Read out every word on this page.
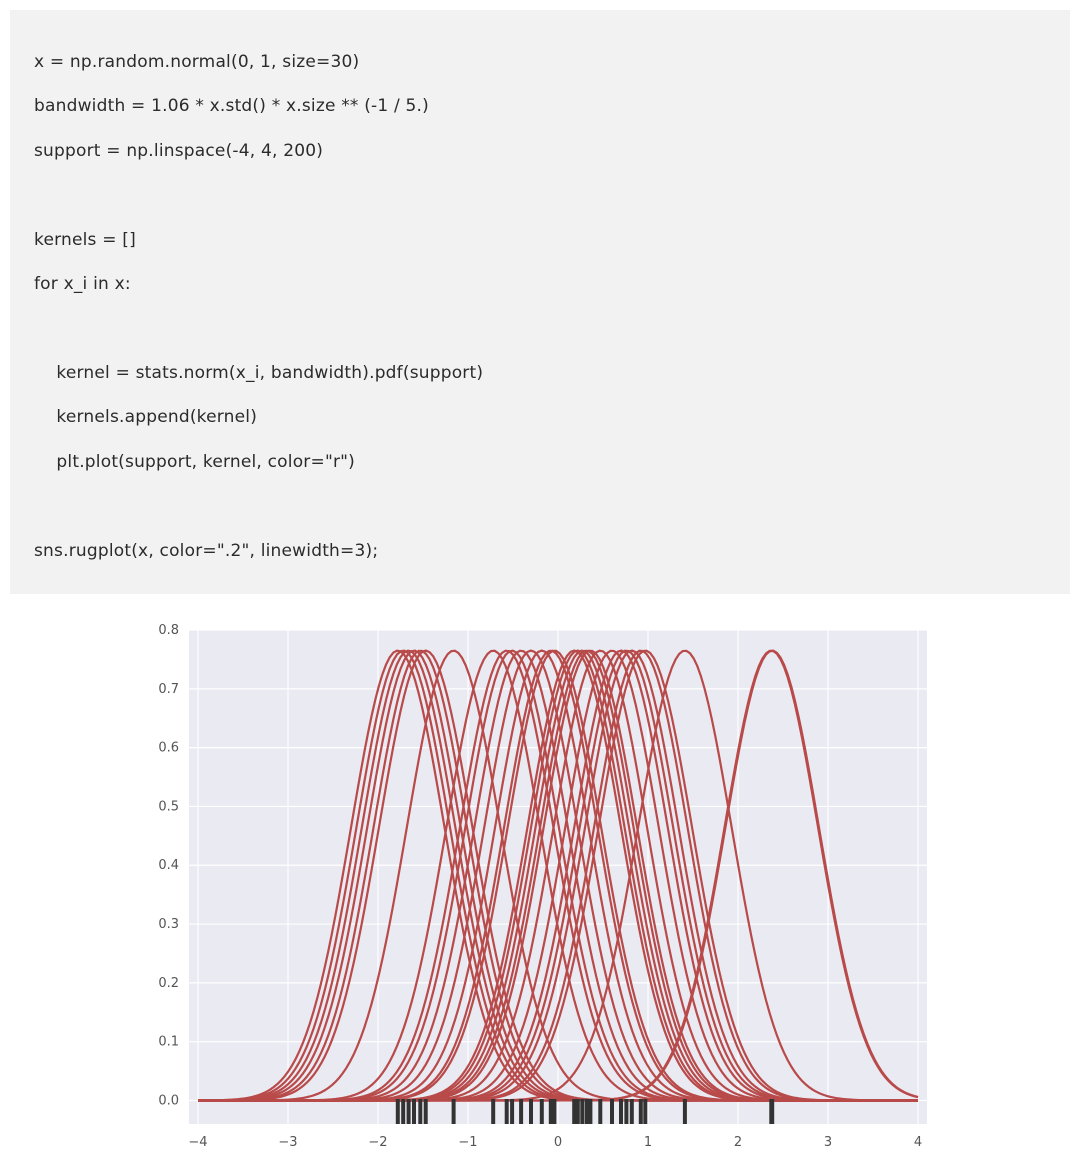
x = np.random.normal(0, 1, size=30)
bandwidth = 1.06 * x.std() * x.size ** (-1 / 5.)
support = np.linspace(-4, 4, 200)
kernels = []
for x_i in x:
kernel = stats.norm(x_i, bandwidth).pdf(support)
kernels.append(kernel)
plt.plot(support, kernel, color="r")
sns.rugplot(x, color=".2", linewidth=3);
−4	−3	−2	−1	0	1	2	3	4
0.0
0.1
0.2
0.3
0.4
0.5
0.6
0.7
0.8
